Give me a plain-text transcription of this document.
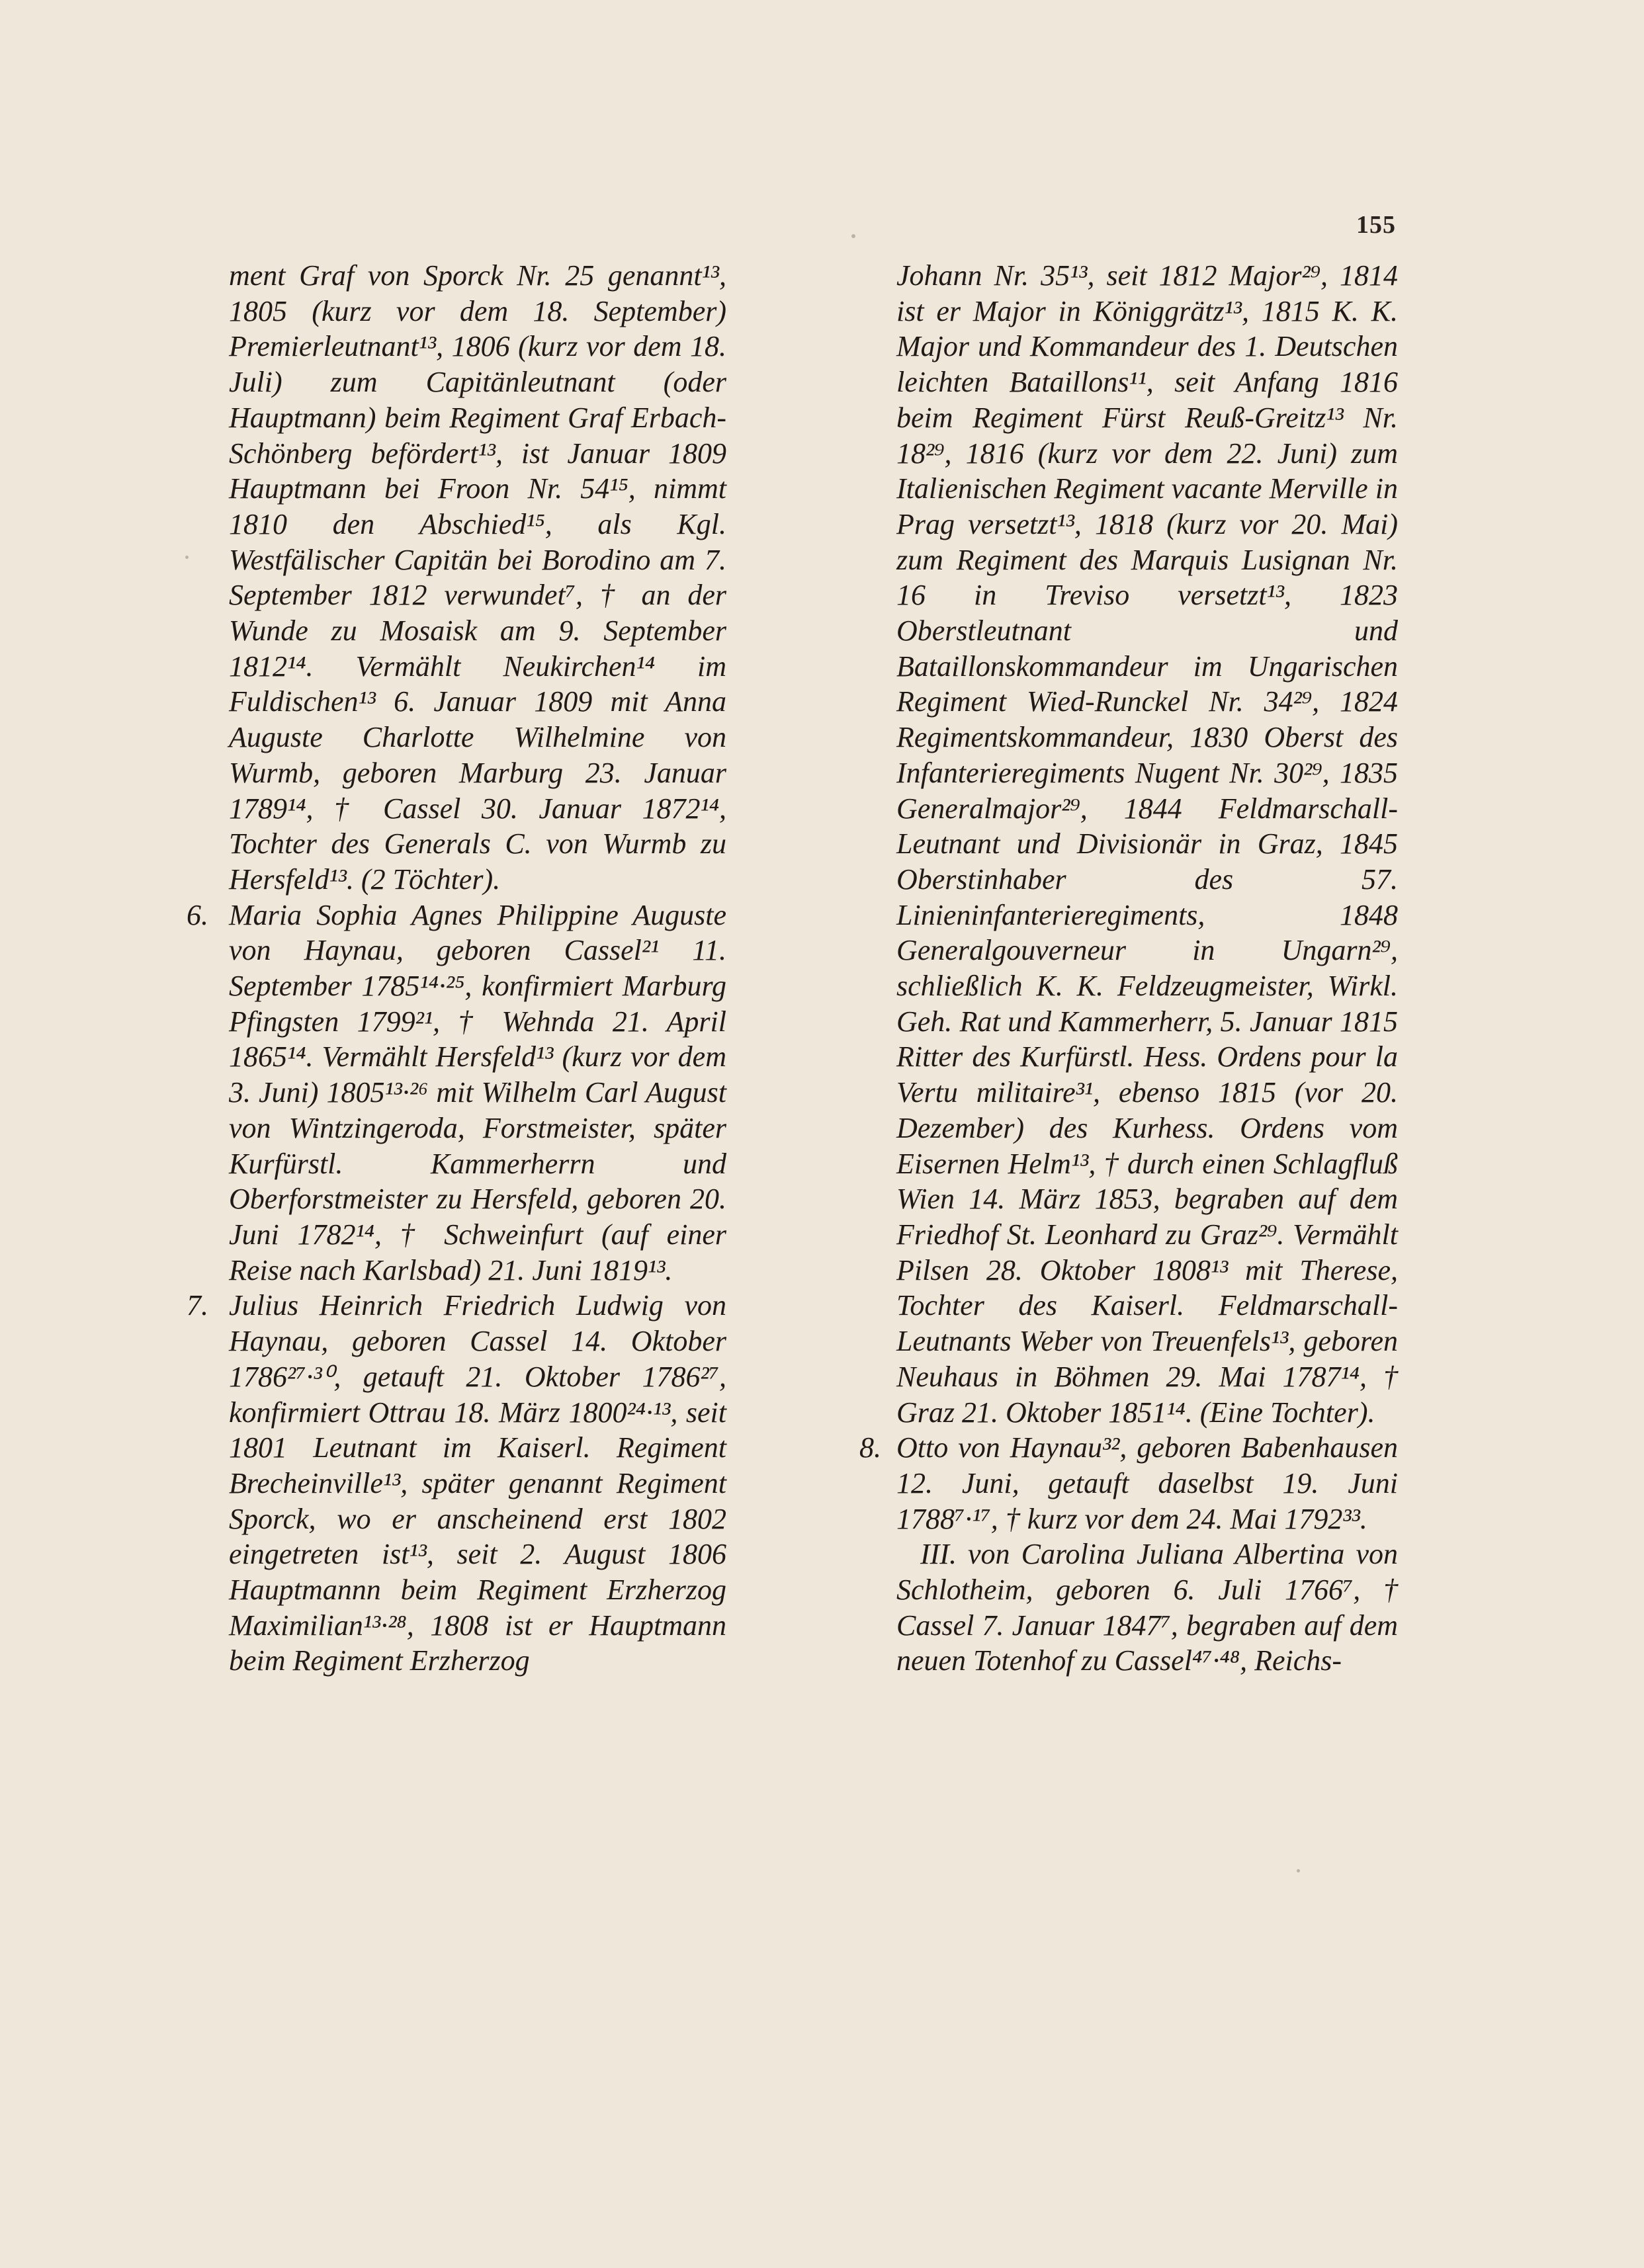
155

ment Graf von Sporck Nr. 25 genannt¹³, 1805 (kurz vor dem 18. September) Premierleutnant¹³, 1806 (kurz vor dem 18. Juli) zum Capitänleutnant (oder Hauptmann) beim Regiment Graf Erbach-Schönberg befördert¹³, ist Januar 1809 Hauptmann bei Froon Nr. 54¹⁵, nimmt 1810 den Abschied¹⁵, als Kgl. Westfälischer Capitän bei Borodino am 7. September 1812 verwundet⁷, † an der Wunde zu Mosaisk am 9. September 1812¹⁴. Vermählt Neukirchen¹⁴ im Fuldischen¹³ 6. Januar 1809 mit Anna Auguste Charlotte Wilhelmine von Wurmb, geboren Marburg 23. Januar 1789¹⁴, † Cassel 30. Januar 1872¹⁴, Tochter des Generals C. von Wurmb zu Hersfeld¹³. (2 Töchter).

6. Maria Sophia Agnes Philippine Auguste von Haynau, geboren Cassel²¹ 11. September 1785¹⁴·²⁵, konfirmiert Marburg Pfingsten 1799²¹, † Wehnda 21. April 1865¹⁴. Vermählt Hersfeld¹³ (kurz vor dem 3. Juni) 1805¹³·²⁶ mit Wilhelm Carl August von Wintzingeroda, Forstmeister, später Kurfürstl. Kammerherrn und Oberforstmeister zu Hersfeld, geboren 20. Juni 1782¹⁴, † Schweinfurt (auf einer Reise nach Karlsbad) 21. Juni 1819¹³.

7. Julius Heinrich Friedrich Ludwig von Haynau, geboren Cassel 14. Oktober 1786²⁷·³⁰, getauft 21. Oktober 1786²⁷, konfirmiert Ottrau 18. März 1800²⁴·¹³, seit 1801 Leutnant im Kaiserl. Regiment Brecheinville¹³, später genannt Regiment Sporck, wo er anscheinend erst 1802 eingetreten ist¹³, seit 2. August 1806 Hauptmannn beim Regiment Erzherzog Maximilian¹³·²⁸, 1808 ist er Hauptmann beim Regiment Erzherzog

Johann Nr. 35¹³, seit 1812 Major²⁹, 1814 ist er Major in Königgrätz¹³, 1815 K. K. Major und Kommandeur des 1. Deutschen leichten Bataillons¹¹, seit Anfang 1816 beim Regiment Fürst Reuß-Greitz¹³ Nr. 18²⁹, 1816 (kurz vor dem 22. Juni) zum Italienischen Regiment vacante Merville in Prag versetzt¹³, 1818 (kurz vor 20. Mai) zum Regiment des Marquis Lusignan Nr. 16 in Treviso versetzt¹³, 1823 Oberstleutnant und Bataillonskommandeur im Ungarischen Regiment Wied-Runckel Nr. 34²⁹, 1824 Regimentskommandeur, 1830 Oberst des Infanterieregiments Nugent Nr. 30²⁹, 1835 Generalmajor²⁹, 1844 Feldmarschall-Leutnant und Divisionär in Graz, 1845 Oberstinhaber des 57. Linieninfanterieregiments, 1848 Generalgouverneur in Ungarn²⁹, schließlich K. K. Feldzeugmeister, Wirkl. Geh. Rat und Kammerherr, 5. Januar 1815 Ritter des Kurfürstl. Hess. Ordens pour la Vertu militaire³¹, ebenso 1815 (vor 20. Dezember) des Kurhess. Ordens vom Eisernen Helm¹³, † durch einen Schlagfluß Wien 14. März 1853, begraben auf dem Friedhof St. Leonhard zu Graz²⁹. Vermählt Pilsen 28. Oktober 1808¹³ mit Therese, Tochter des Kaiserl. Feldmarschall-Leutnants Weber von Treuenfels¹³, geboren Neuhaus in Böhmen 29. Mai 1787¹⁴, † Graz 21. Oktober 1851¹⁴. (Eine Tochter).

8. Otto von Haynau³², geboren Babenhausen 12. Juni, getauft daselbst 19. Juni 1788⁷·¹⁷, † kurz vor dem 24. Mai 1792³³.

III. von Carolina Juliana Albertina von Schlotheim, geboren 6. Juli 1766⁷, † Cassel 7. Januar 1847⁷, begraben auf dem neuen Totenhof zu Cassel⁴⁷·⁴⁸, Reichs-
